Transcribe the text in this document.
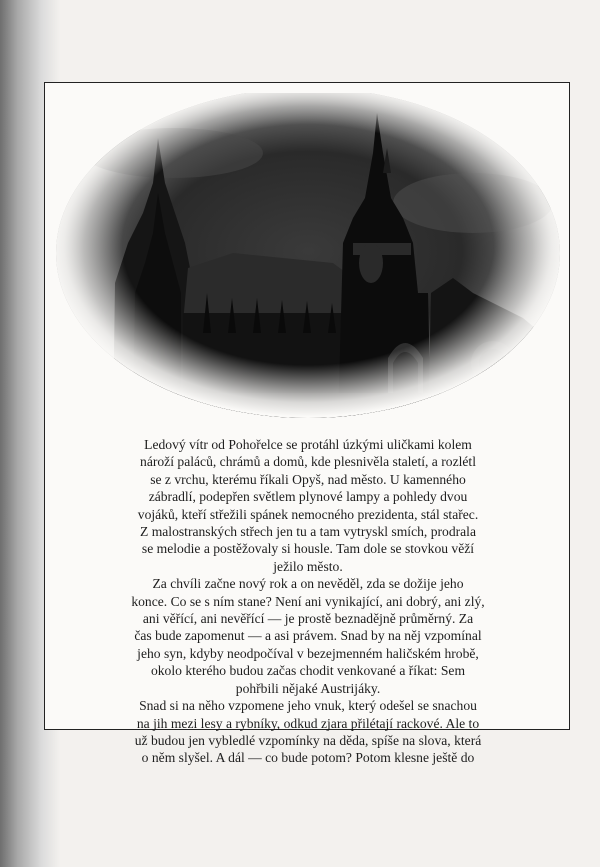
Ledový vítr od Pohořelce se protáhl úzkými uličkami kolem
nároží paláců, chrámů a domů, kde plesnivěla staletí, a rozlétl
se z vrchu, kterému říkali Opyš, nad město. U kamenného
zábradlí, podepřen světlem plynové lampy a pohledy dvou
vojáků, kteří střežili spánek nemocného prezidenta, stál stařec.
Z malostranských střech jen tu a tam vytryskl smích, prodrala
se melodie a postěžovaly si housle. Tam dole se stovkou věží
ježilo město.
Za chvíli začne nový rok a on nevěděl, zda se dožije jeho
konce. Co se s ním stane? Není ani vynikající, ani dobrý, ani zlý,
ani věřící, ani nevěřící — je prostě beznadějně průměrný. Za
čas bude zapomenut — a asi právem. Snad by na něj vzpomínal
jeho syn, kdyby neodpočíval v bezejmenném haličském hrobě,
okolo kterého budou začas chodit venkované a říkat: Sem
pohřbili nějaké Austrijáky.
Snad si na něho vzpomene jeho vnuk, který odešel se snachou
na jih mezi lesy a rybníky, odkud zjara přilétají rackové. Ale to
už budou jen vybledlé vzpomínky na děda, spíše na slova, která
o něm slyšel. A dál — co bude potom? Potom klesne ještě do
